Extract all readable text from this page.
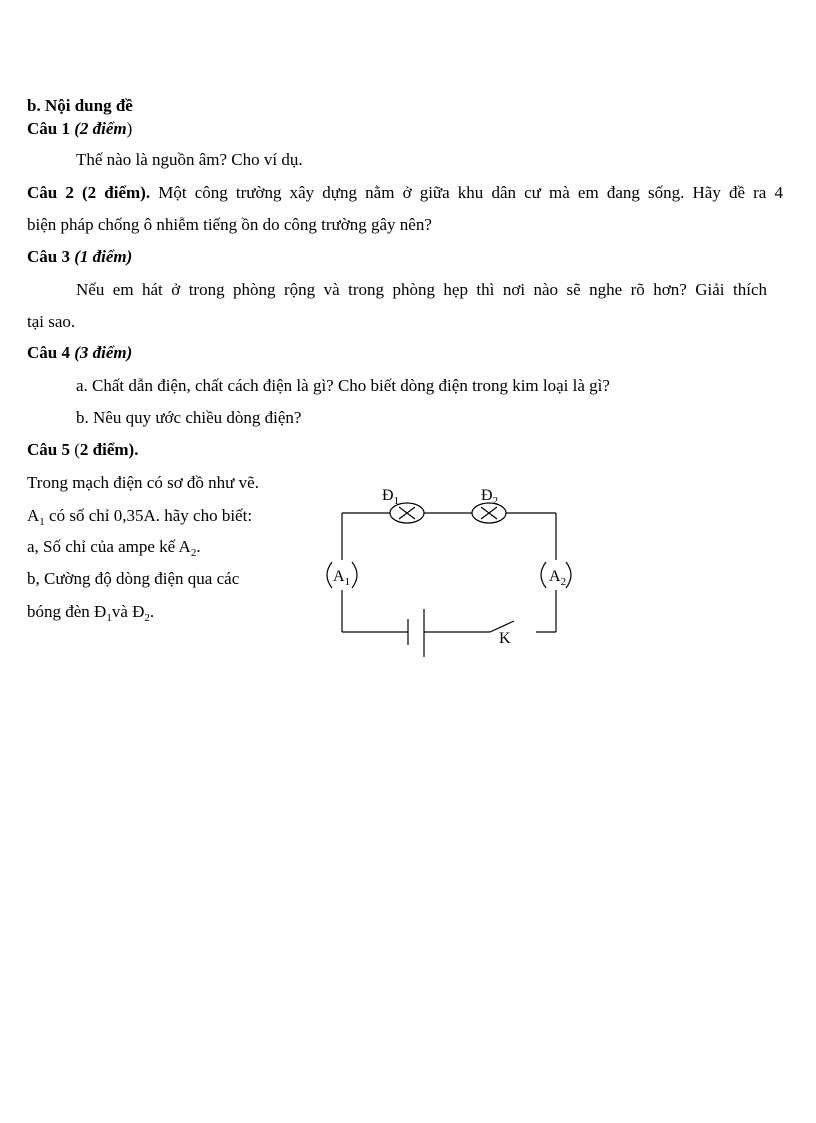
b. Nội dung đề
Câu 1 (2 điểm)
Thế nào là nguồn âm? Cho ví dụ.
Câu 2 (2 điểm). Một công trường xây dựng nằm ở giữa khu dân cư mà em đang sống. Hãy đề ra 4
biện pháp chống ô nhiễm tiếng ồn do công trường gây nên?
Câu 3 (1 điểm)
Nếu em hát ở trong phòng rộng và trong phòng hẹp thì nơi nào sẽ nghe rõ hơn? Giải thích
tại sao.
Câu 4 (3 điểm)
a. Chất dẫn điện, chất cách điện là gì? Cho biết dòng điện trong kim loại là gì?
b. Nêu quy ước chiều dòng điện?
Câu 5 (2 điểm).
Trong mạch điện có sơ đồ như vẽ.
$A_1$ có số chỉ 0,35A. hãy cho biết:
a, Số chỉ của ampe kế $A_2$.
b, Cường độ dòng điện qua các
bóng đèn $Đ_1và$ $Đ_2$.
$Đ_1$	$Đ_2$
$A_1$	$A_2$
K
